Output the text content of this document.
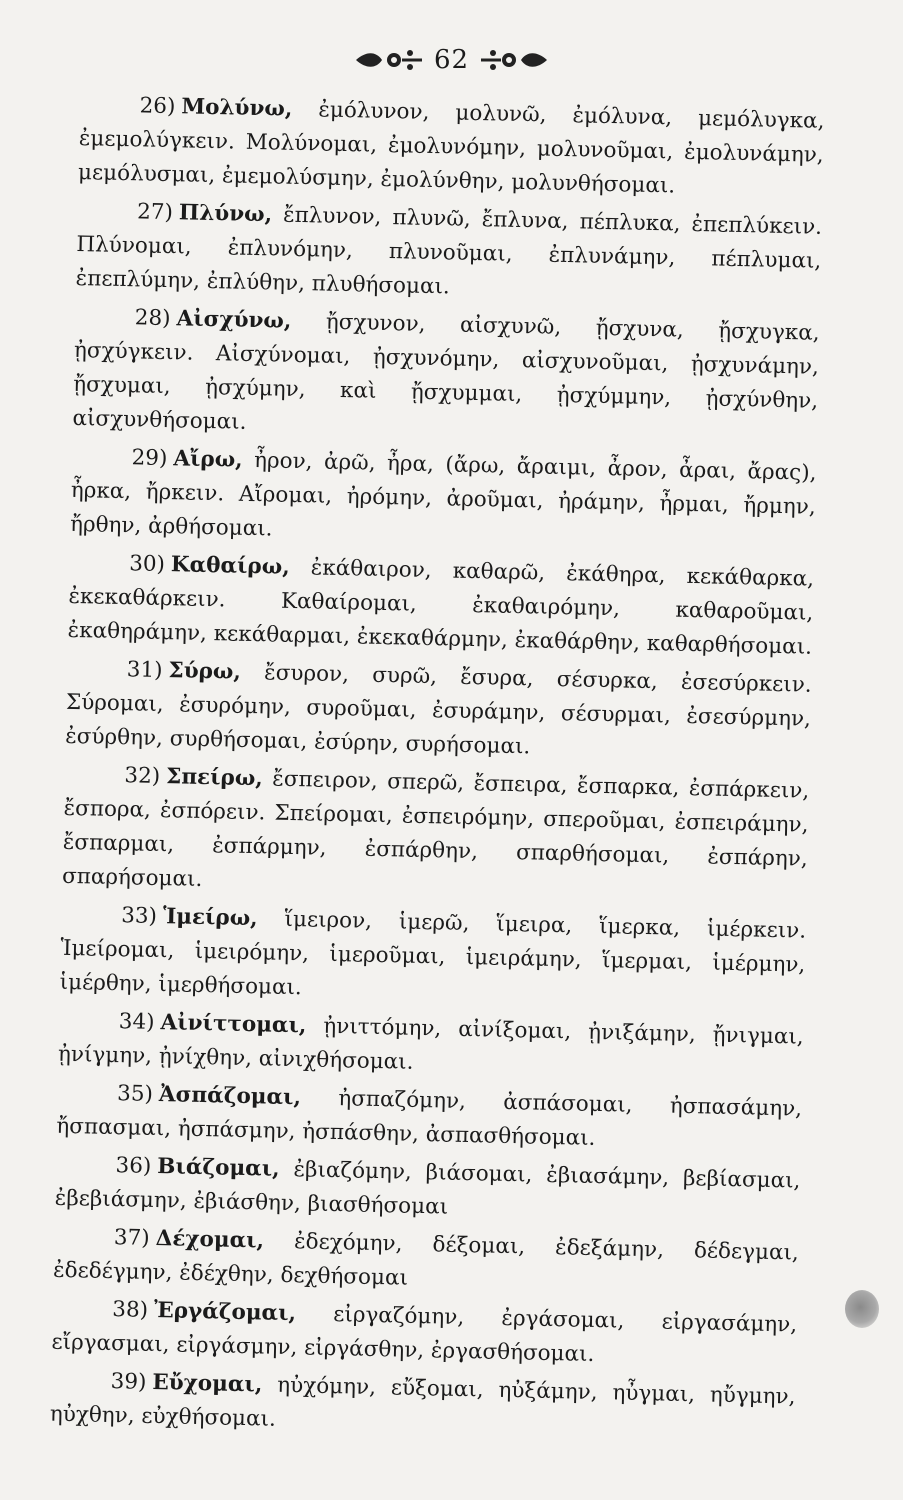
62

26) Μολύνω, ἐμόλυνον, μολυνῶ, ἐμόλυνα, μεμόλυγκα, ἐμεμολύγκειν. Μολύνομαι, ἐμολυνόμην, μολυνοῦμαι, ἐμολυνάμην, μεμόλυσμαι, ἐμεμολύσμην, ἐμολύνθην, μολυνθήσομαι.

27) Πλύνω, ἔπλυνον, πλυνῶ, ἔπλυνα, πέπλυκα, ἐπεπλύκειν. Πλύνομαι, ἐπλυνόμην, πλυνοῦμαι, ἐπλυνάμην, πέπλυμαι, ἐπεπλύμην, ἐπλύθην, πλυθήσομαι.

28) Αἰσχύνω, ᾔσχυνον, αἰσχυνῶ, ᾔσχυνα, ᾔσχυγκα, ᾐσχύγκειν. Αἰσχύνομαι, ᾐσχυνόμην, αἰσχυνοῦμαι, ᾐσχυνάμην, ᾔσχυμαι, ᾐσχύμην, καὶ ᾔσχυμμαι, ᾐσχύμμην, ᾐσχύνθην, αἰσχυνθήσομαι.

29) Αἴρω, ἦρον, ἀρῶ, ἦρα, (ἄρω, ἄραιμι, ἆρον, ἆραι, ἄρας), ἦρκα, ἤρκειν. Αἴρομαι, ἠρόμην, ἀροῦμαι, ἠράμην, ἦρμαι, ἤρμην, ἤρθην, ἀρθήσομαι.

30) Καθαίρω, ἐκάθαιρον, καθαρῶ, ἐκάθηρα, κεκάθαρκα, ἐκεκαθάρκειν. Καθαίρομαι, ἐκαθαιρόμην, καθαροῦμαι, ἐκαθηράμην, κεκάθαρμαι, ἐκεκαθάρμην, ἐκαθάρθην, καθαρθήσομαι.

31) Σύρω, ἔσυρον, συρῶ, ἔσυρα, σέσυρκα, ἐσεσύρκειν. Σύρομαι, ἐσυρόμην, συροῦμαι, ἐσυράμην, σέσυρμαι, ἐσεσύρμην, ἐσύρθην, συρθήσομαι, ἐσύρην, συρήσομαι.

32) Σπείρω, ἔσπειρον, σπερῶ, ἔσπειρα, ἔσπαρκα, ἐσπάρκειν, ἔσπορα, ἐσπόρειν. Σπείρομαι, ἐσπειρόμην, σπεροῦμαι, ἐσπειράμην, ἔσπαρμαι, ἐσπάρμην, ἐσπάρθην, σπαρθήσομαι, ἐσπάρην, σπαρήσομαι.

33) Ἱμείρω, ἵμειρον, ἱμερῶ, ἵμειρα, ἵμερκα, ἱμέρκειν. Ἱμείρομαι, ἱμειρόμην, ἱμεροῦμαι, ἱμειράμην, ἵμερμαι, ἱμέρμην, ἱμέρθην, ἱμερθήσομαι.

34) Αἰνίττομαι, ᾐνιττόμην, αἰνίξομαι, ᾐνιξάμην, ᾔνιγμαι, ᾐνίγμην, ᾐνίχθην, αἰνιχθήσομαι.

35) Ἀσπάζομαι, ἠσπαζόμην, ἀσπάσομαι, ἠσπασάμην, ἤσπασμαι, ἠσπάσμην, ἠσπάσθην, ἀσπασθήσομαι.

36) Βιάζομαι, ἐβιαζόμην, βιάσομαι, ἐβιασάμην, βεβίασμαι, ἐβεβιάσμην, ἐβιάσθην, βιασθήσομαι

37) Δέχομαι, ἐδεχόμην, δέξομαι, ἐδεξάμην, δέδεγμαι, ἐδεδέγμην, ἐδέχθην, δεχθήσομαι

38) Ἐργάζομαι, εἰργαζόμην, ἐργάσομαι, εἰργασάμην, εἴργασμαι, εἰργάσμην, εἰργάσθην, ἐργασθήσομαι.

39) Εὔχομαι, ηὐχόμην, εὔξομαι, ηὐξάμην, ηὖγμαι, ηὔγμην, ηὐχθην, εὐχθήσομαι.
